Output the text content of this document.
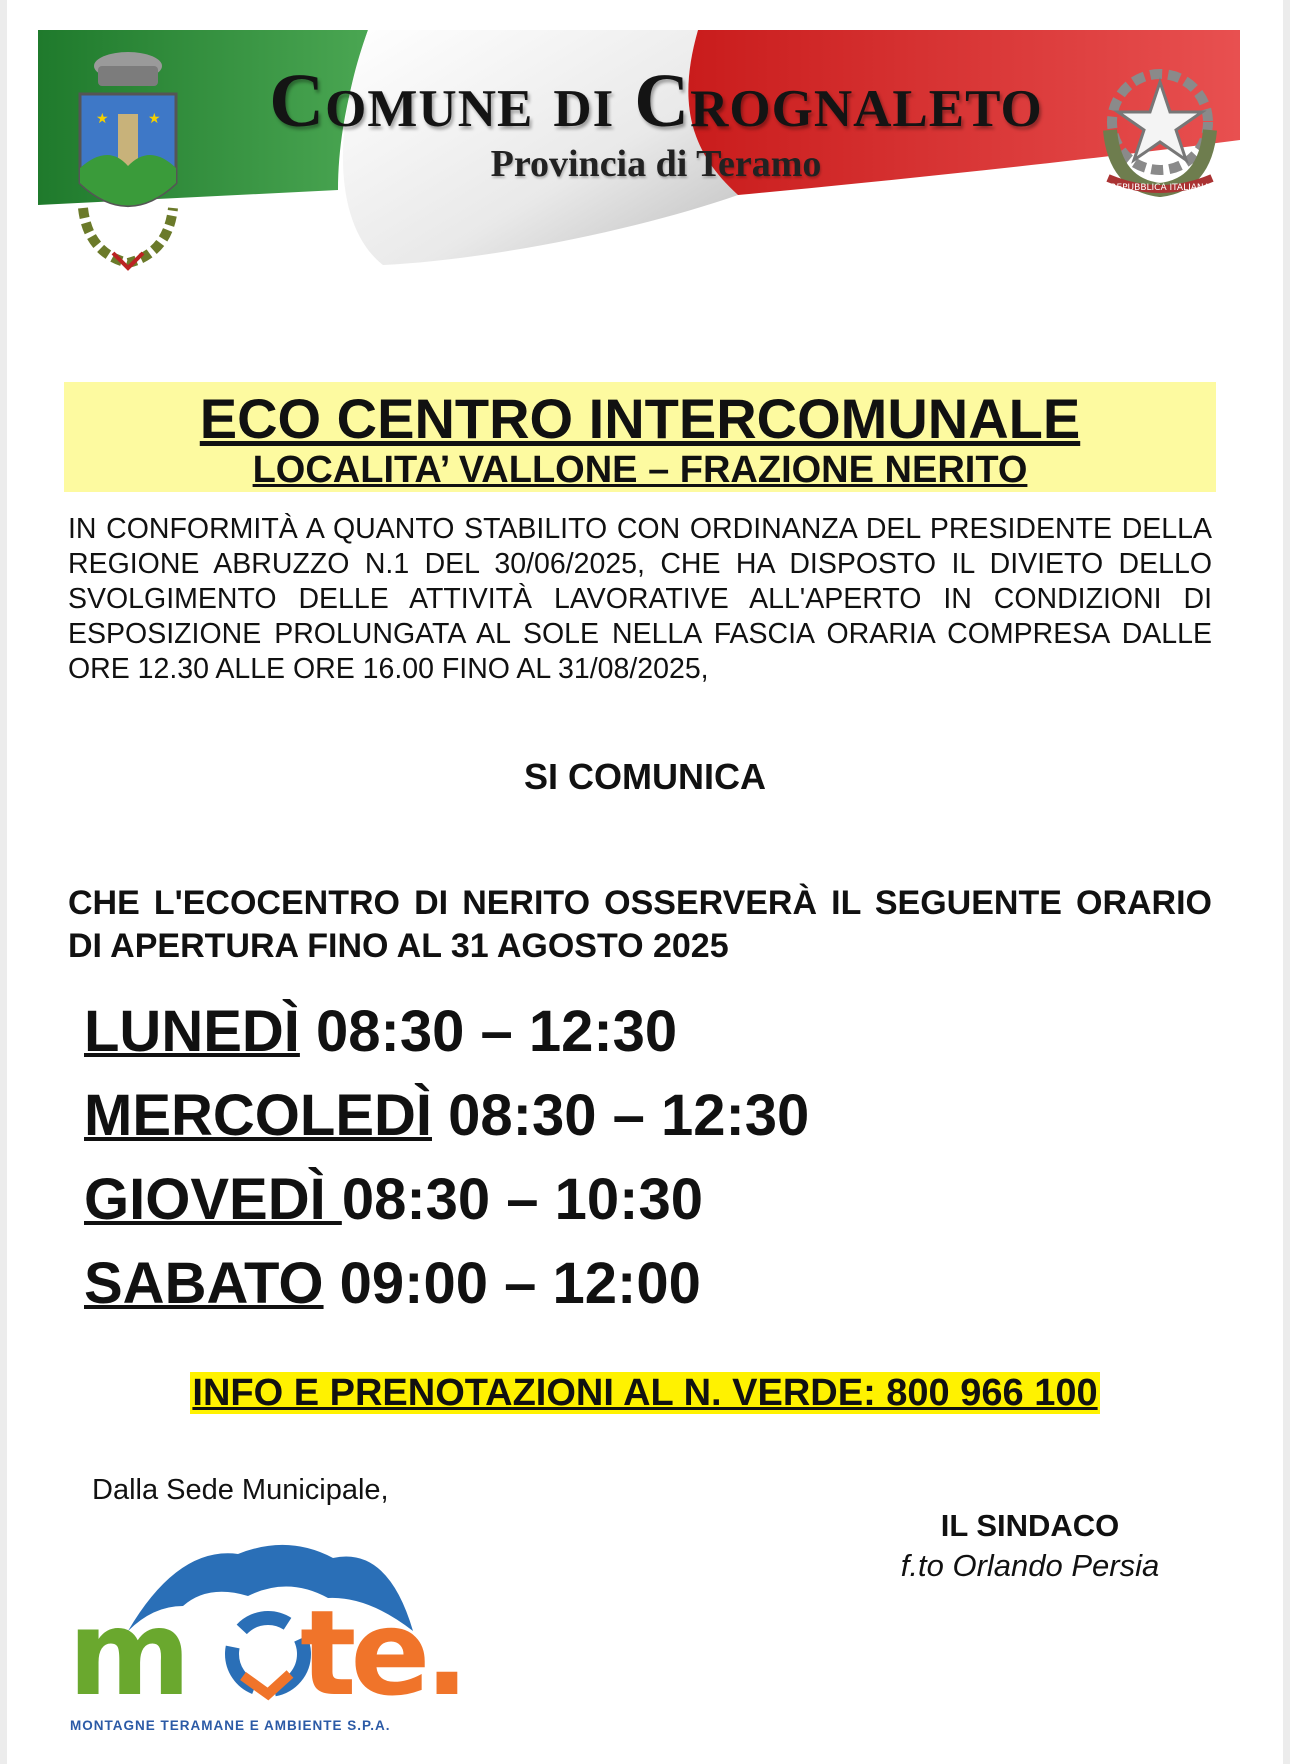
★	★	Comune di Crognaleto
Provincia di Teramo
REPUBBLICA ITALIANA
ECO CENTRO INTERCOMUNALE
LOCALITA’ VALLONE – FRAZIONE NERITO
IN CONFORMITÀ A QUANTO STABILITO CON ORDINANZA DEL PRESIDENTE DELLA REGIONE ABRUZZO N.1 DEL 30/06/2025, CHE HA DISPOSTO IL DIVIETO DELLO SVOLGIMENTO DELLE ATTIVITÀ LAVORATIVE ALL'APERTO IN CONDIZIONI DI ESPOSIZIONE PROLUNGATA AL SOLE NELLA FASCIA ORARIA COMPRESA DALLE ORE 12.30 ALLE ORE 16.00 FINO AL 31/08/2025,
SI COMUNICA
CHE L'ECOCENTRO DI NERITO OSSERVERÀ IL SEGUENTE ORARIO DI APERTURA FINO AL 31 AGOSTO 2025
LUNEDÌ 08:30 – 12:30
MERCOLEDÌ 08:30 – 12:30
GIOVEDÌ 08:30 – 10:30
SABATO 09:00 – 12:00
INFO E PRENOTAZIONI AL N. VERDE: 800 966 100
Dalla Sede Municipale,
IL SINDACO
f.to Orlando Persia
m te.
MONTAGNE TERAMANE E AMBIENTE S.P.A.
